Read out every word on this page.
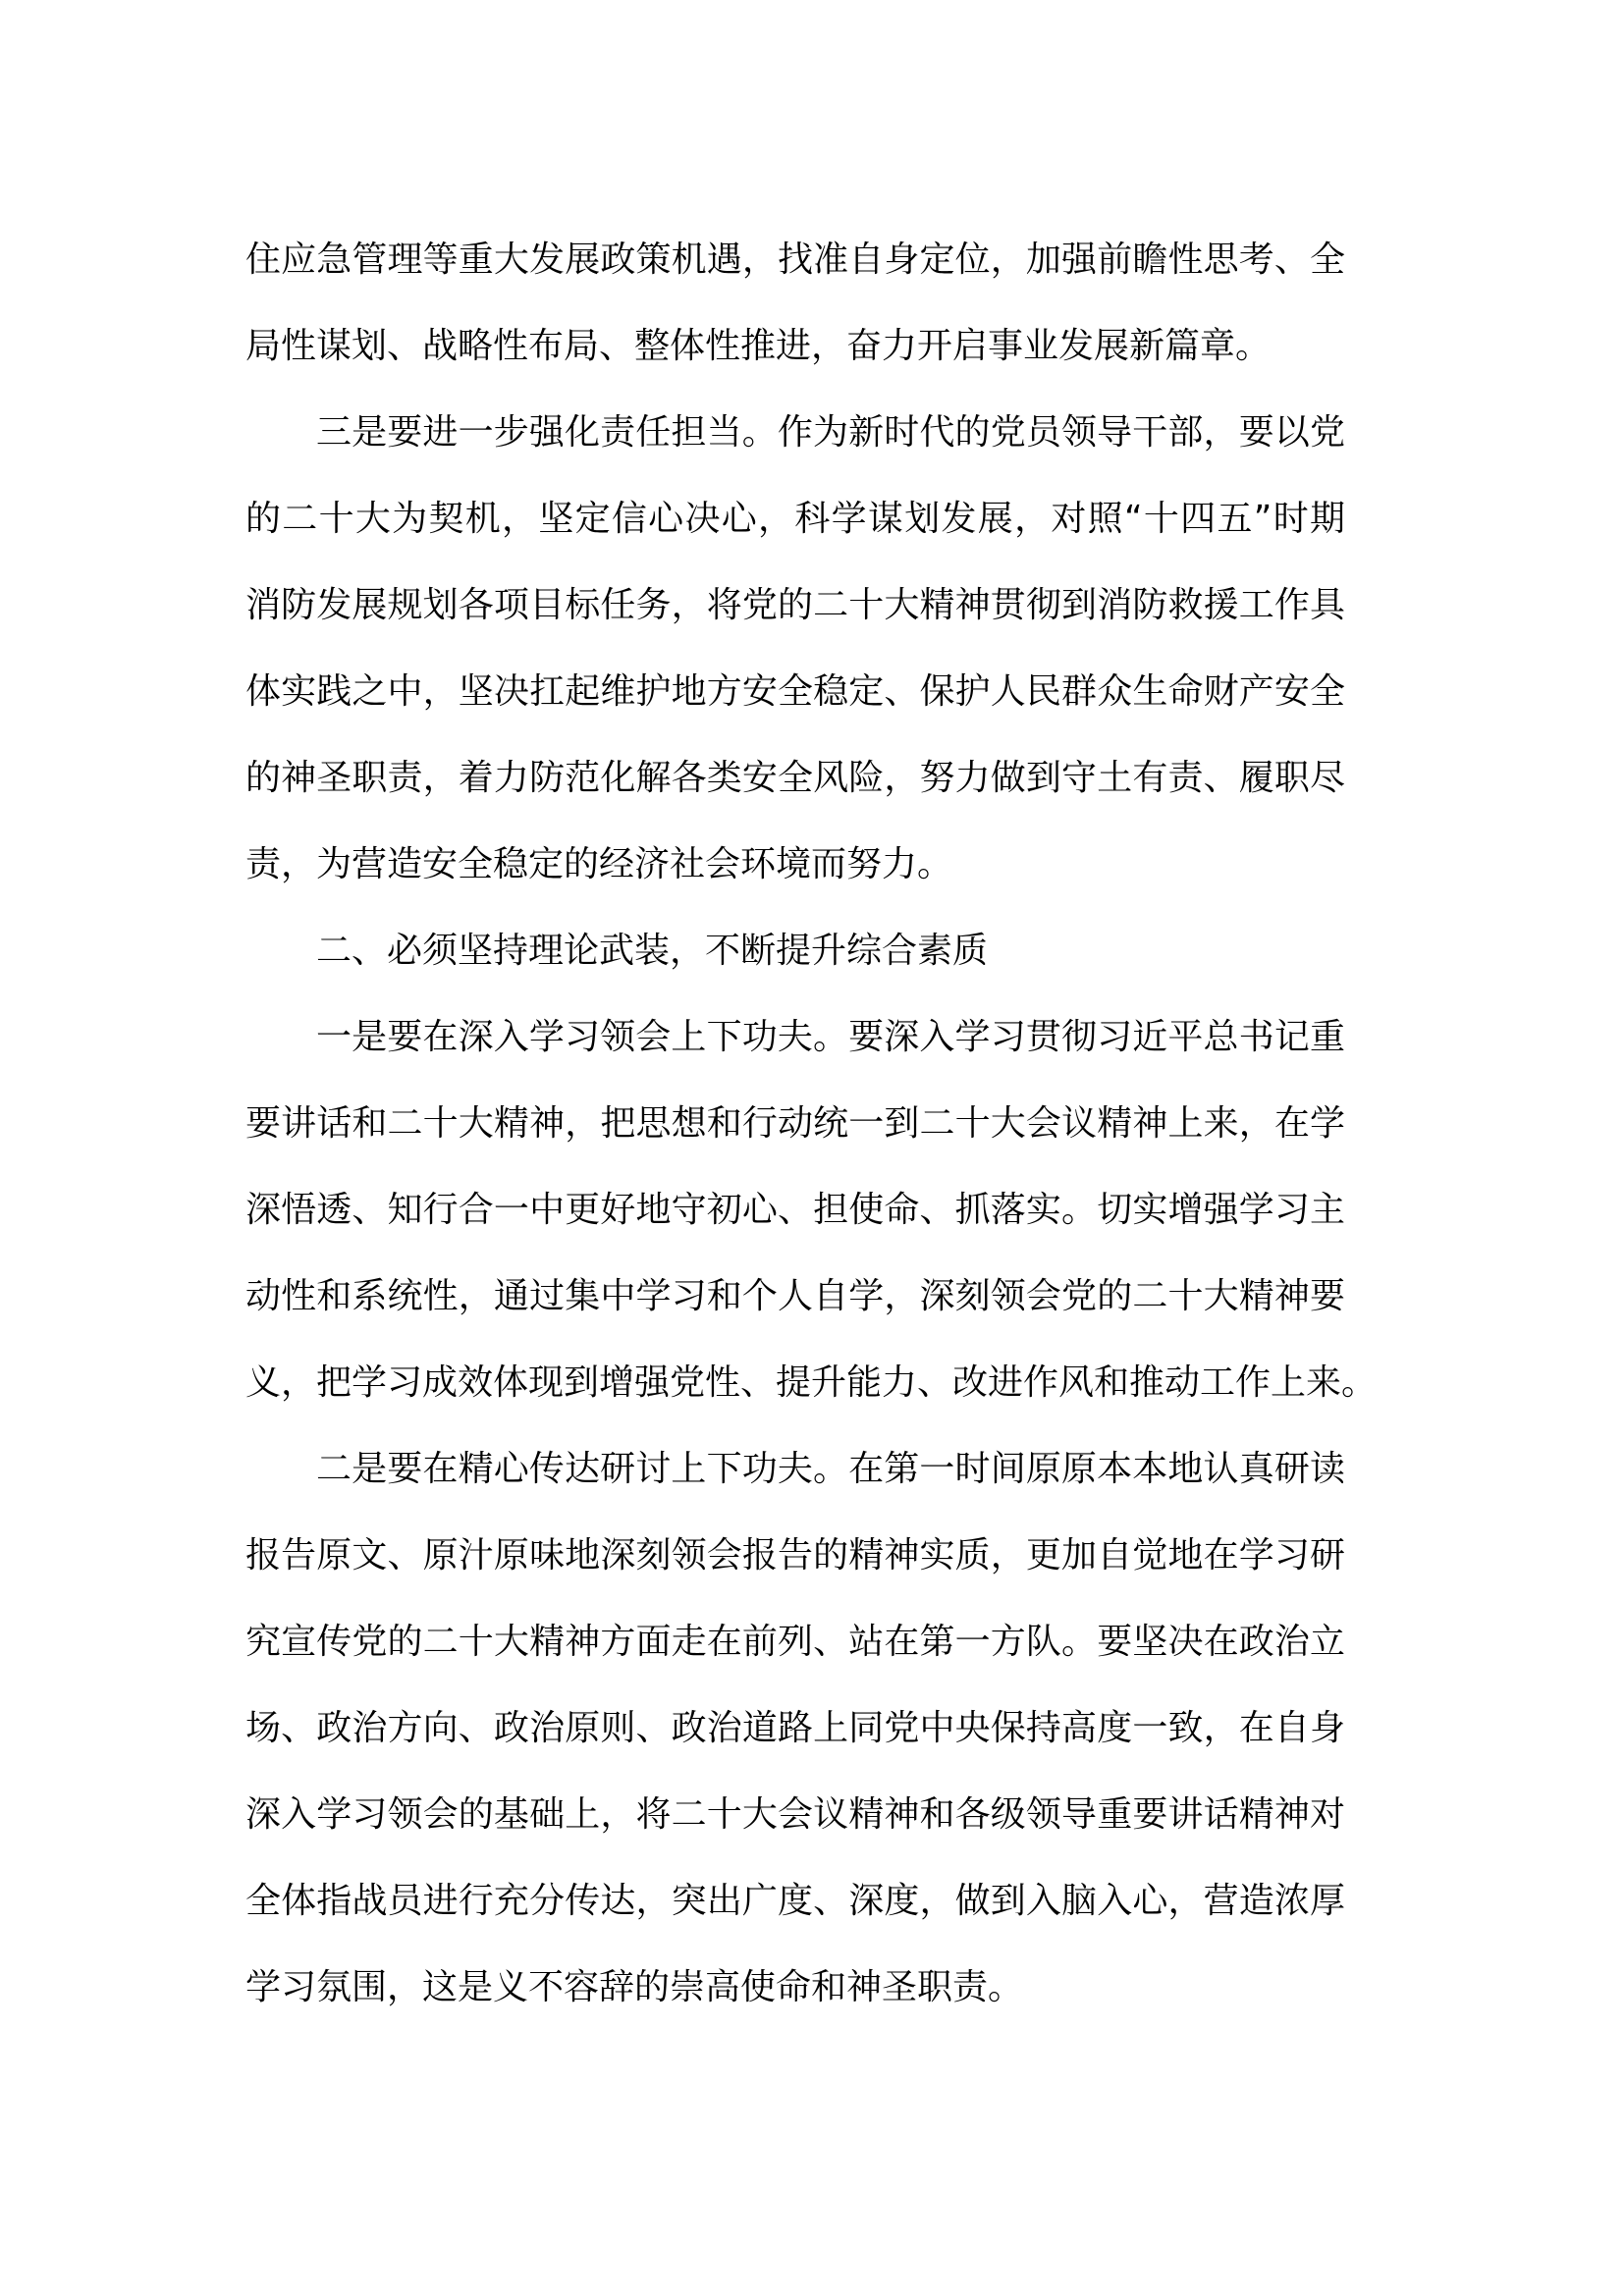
住应急管理等重大发展政策机遇，找准自身定位，加强前瞻性思考、全

局性谋划、战略性布局、整体性推进，奋力开启事业发展新篇章。

三是要进一步强化责任担当。作为新时代的党员领导干部，要以党

的二十大为契机，坚定信心决心，科学谋划发展，对照“十四五”时期

消防发展规划各项目标任务，将党的二十大精神贯彻到消防救援工作具

体实践之中，坚决扛起维护地方安全稳定、保护人民群众生命财产安全

的神圣职责，着力防范化解各类安全风险，努力做到守土有责、履职尽

责，为营造安全稳定的经济社会环境而努力。

二、必须坚持理论武装，不断提升综合素质

一是要在深入学习领会上下功夫。要深入学习贯彻习近平总书记重

要讲话和二十大精神，把思想和行动统一到二十大会议精神上来，在学

深悟透、知行合一中更好地守初心、担使命、抓落实。切实增强学习主

动性和系统性，通过集中学习和个人自学，深刻领会党的二十大精神要

义，把学习成效体现到增强党性、提升能力、改进作风和推动工作上来。

二是要在精心传达研讨上下功夫。在第一时间原原本本地认真研读

报告原文、原汁原味地深刻领会报告的精神实质，更加自觉地在学习研

究宣传党的二十大精神方面走在前列、站在第一方队。要坚决在政治立

场、政治方向、政治原则、政治道路上同党中央保持高度一致，在自身

深入学习领会的基础上，将二十大会议精神和各级领导重要讲话精神对

全体指战员进行充分传达，突出广度、深度，做到入脑入心，营造浓厚

学习氛围，这是义不容辞的崇高使命和神圣职责。
